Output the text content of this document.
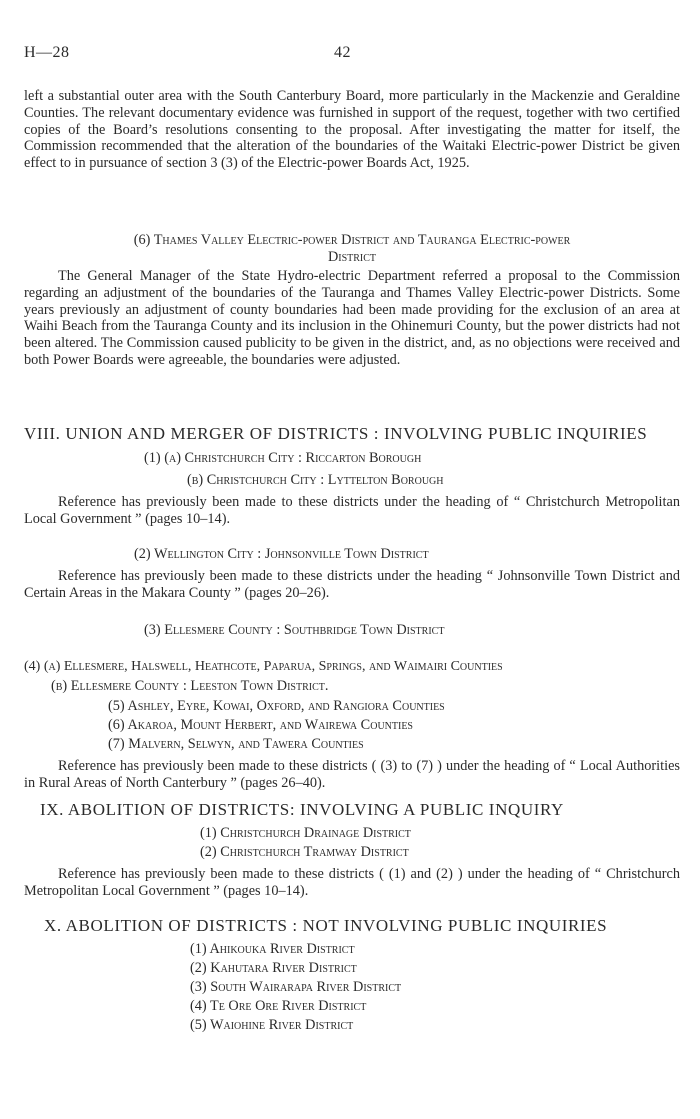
H—28	42

left a substantial outer area with the South Canterbury Board, more particularly in the Mackenzie and Geraldine Counties. The relevant documentary evidence was furnished in support of the request, together with two certified copies of the Board’s resolutions consenting to the proposal. After investigating the matter for itself, the Commission recommended that the alteration of the boundaries of the Waitaki Electric-power District be given effect to in pursuance of section 3 (3) of the Electric-power Boards Act, 1925.

(6) Thames Valley Electric-power District and Tauranga Electric-power

District

The General Manager of the State Hydro-electric Department referred a proposal to the Commission regarding an adjustment of the boundaries of the Tauranga and Thames Valley Electric-power Districts. Some years previously an adjustment of county boundaries had been made providing for the exclusion of an area at Waihi Beach from the Tauranga County and its inclusion in the Ohinemuri County, but the power districts had not been altered. The Commission caused publicity to be given in the district, and, as no objections were received and both Power Boards were agreeable, the boundaries were adjusted.

VIII. UNION AND MERGER OF DISTRICTS : INVOLVING PUBLIC INQUIRIES
(1) (a) Christchurch City : Riccarton Borough
(b) Christchurch City : Lyttelton Borough

Reference has previously been made to these districts under the heading of “ Christchurch Metropolitan Local Government ” (pages 10–14).

(2) Wellington City : Johnsonville Town District

Reference has previously been made to these districts under the heading “ Johnsonville Town District and Certain Areas in the Makara County ” (pages 20–26).

(3) Ellesmere County : Southbridge Town District
(4) (a) Ellesmere, Halswell, Heathcote, Paparua, Springs, and Waimairi Counties
(b) Ellesmere County : Leeston Town District.
(5) Ashley, Eyre, Kowai, Oxford, and Rangiora Counties
(6) Akaroa, Mount Herbert, and Wairewa Counties
(7) Malvern, Selwyn, and Tawera Counties

Reference has previously been made to these districts ( (3) to (7) ) under the heading of “ Local Authorities in Rural Areas of North Canterbury ” (pages 26–40).

IX. ABOLITION OF DISTRICTS: INVOLVING A PUBLIC INQUIRY
(1) Christchurch Drainage District
(2) Christchurch Tramway District

Reference has previously been made to these districts ( (1) and (2) ) under the heading of “ Christchurch Metropolitan Local Government ” (pages 10–14).

X. ABOLITION OF DISTRICTS : NOT INVOLVING PUBLIC INQUIRIES
(1) Ahikouka River District
(2) Kahutara River District
(3) South Wairarapa River District
(4) Te Ore Ore River District
(5) Waiohine River District
